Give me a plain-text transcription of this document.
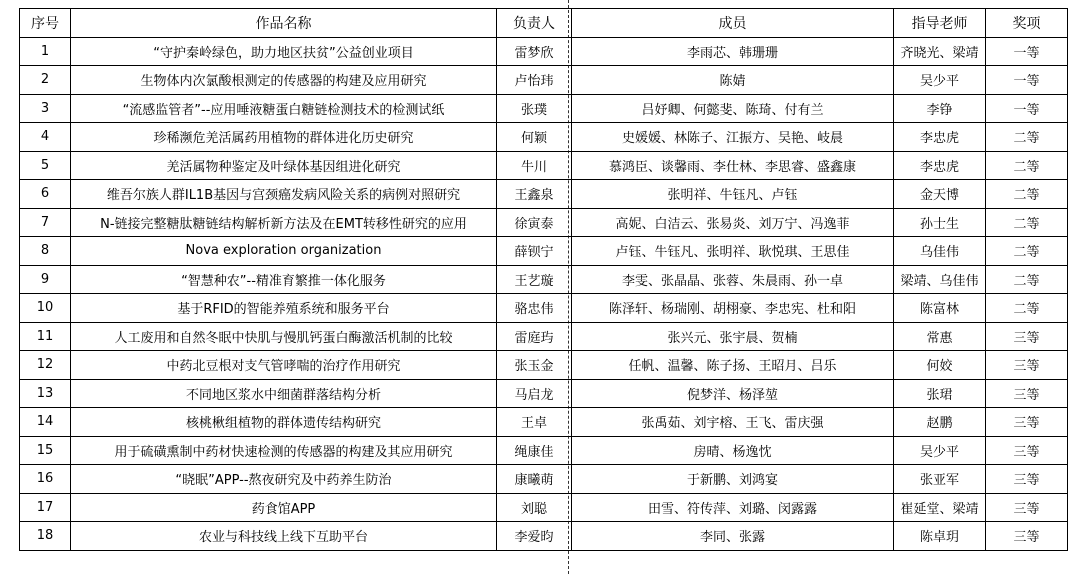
序号	作品名称	负责人	成员	指导老师	奖项
1	“守护秦岭绿色，助力地区扶贫”公益创业项目	雷梦欣	李雨芯、韩珊珊	齐晓光、梁靖	一等
2	生物体内次氯酸根测定的传感器的构建及应用研究	卢怡玮	陈婧	吴少平	一等
3	“流感监管者”--应用唾液糖蛋白糖链检测技术的检测试纸	张璞	吕妤卿、何懿斐、陈琦、付有兰	李铮	一等
4	珍稀濒危羌活属药用植物的群体进化历史研究	何颖	史媛媛、林陈子、江振方、吴艳、岐晨	李忠虎	二等
5	羌活属物种鉴定及叶绿体基因组进化研究	牛川	慕鸿臣、谈馨雨、李仕林、李思睿、盛鑫康	李忠虎	二等
6	维吾尔族人群IL1B基因与宫颈癌发病风险关系的病例对照研究	王鑫泉	张明祥、牛钰凡、卢钰	金天博	二等
7	N-链接完整糖肽糖链结构解析新方法及在EMT转移性研究的应用	徐寅泰	高妮、白洁云、张易炎、刘万宁、冯逸菲	孙士生	二等
8	Nova exploration organization	薛钡宁	卢钰、牛钰凡、张明祥、耿悦琪、王思佳	乌佳伟	二等
9	“智慧种农”--精准育繁推一体化服务	王艺璇	李雯、张晶晶、张蓉、朱晨雨、孙一卓	梁靖、乌佳伟	二等
10	基于RFID的智能养殖系统和服务平台	骆忠伟	陈泽轩、杨瑞刚、胡栩豪、李忠宪、杜和阳	陈富林	二等
11	人工废用和自然冬眠中快肌与慢肌钙蛋白酶激活机制的比较	雷庭玙	张兴元、张宇晨、贺楠	常惠	三等
12	中药北豆根对支气管哮喘的治疗作用研究	张玉金	任帆、温馨、陈子扬、王昭月、吕乐	何姣	三等
13	不同地区浆水中细菌群落结构分析	马启龙	倪梦洋、杨泽堃	张珺	三等
14	核桃楸组植物的群体遗传结构研究	王卓	张禹茹、刘宇榕、王飞、雷庆强	赵鹏	三等
15	用于硫磺熏制中药材快速检测的传感器的构建及其应用研究	绳康佳	房晴、杨逸忱	吴少平	三等
16	“晓眠”APP--熬夜研究及中药养生防治	康曦萌	于新鹏、刘鸿宴	张亚军	三等
17	药食馆APP	刘聪	田雪、符传萍、刘璐、闵露露	崔延堂、梁靖	三等
18	农业与科技线上线下互助平台	李爱昀	李同、张露	陈卓玥	三等
